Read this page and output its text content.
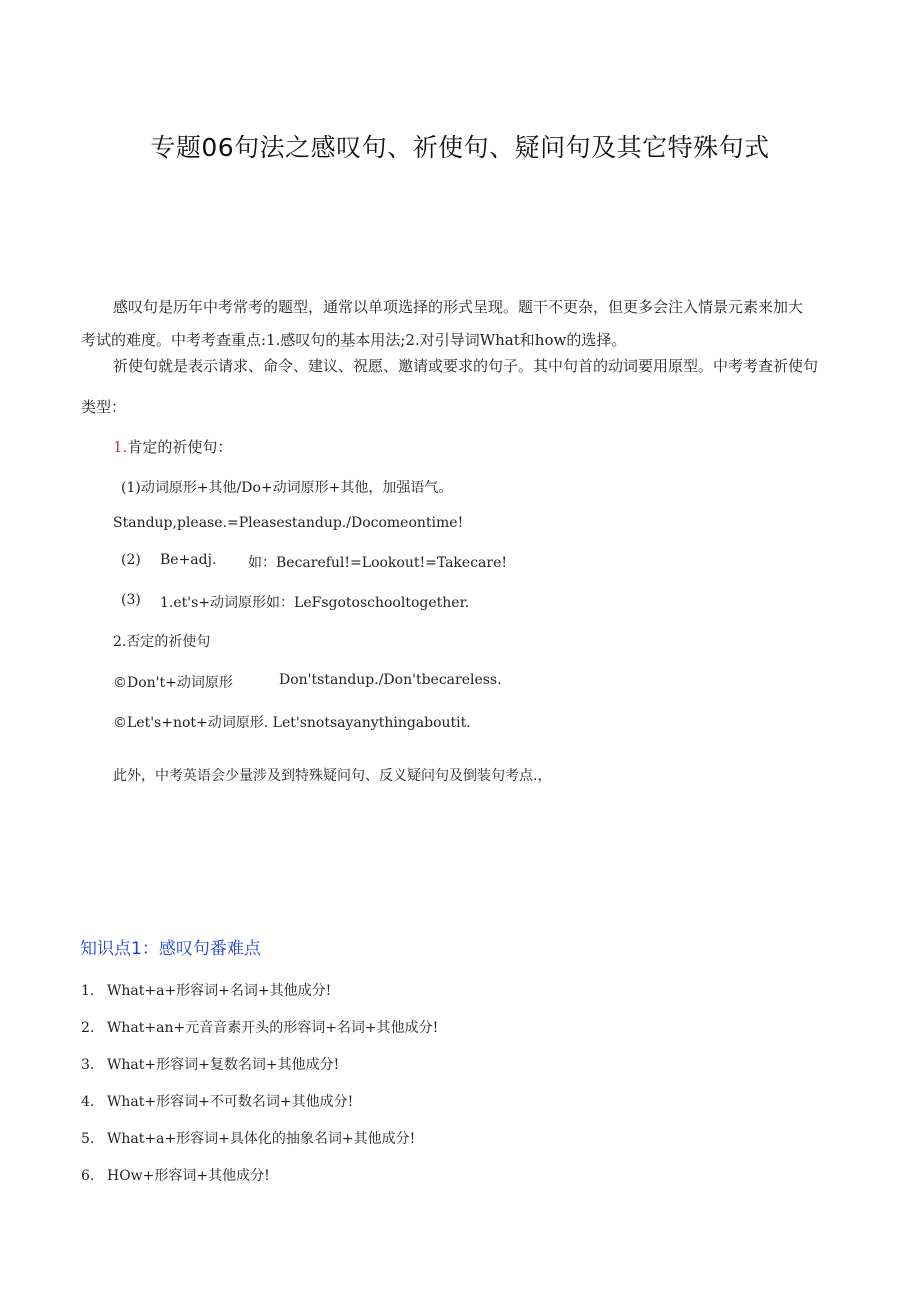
专题06句法之感叹句、祈使句、疑问句及其它特殊句式
感叹句是历年中考常考的题型，通常以单项选择的形式呈现。题干不更杂，但更多会注入情景元素来加大
考试的难度。中考考查重点:1.感叹句的基本用法;2.对引导词What和how的选择。
祈使句就是表示请求、命令、建议、祝愿、邀请或要求的句子。其中句首的动词要用原型。中考考查祈使句
类型：
1.肯定的祈使句：
(1)动词原形+其他/Do+动词原形+其他，加强语气。
Standup,please.=Pleasestandup./Docomeontime!
(2) Be+adj. 如：Becareful!=Lookout!=Takecare!
(3) 1.et's+动词原形如：LeFsgotoschooltogether.
2.否定的祈使句
©Don't+动词原形	Don'tstandup./Don'tbecareless.
©Let's+not+动词原形. Let'snotsayanythingaboutit.
此外，中考英语会少量涉及到特殊疑问句、反义疑问句及倒装句考点.，
知识点1：感叹句番难点
1. What+a+形容词+名词+其他成分!
2. What+an+元音音素开头的形容词+名词+其他成分!
3. What+形容词+复数名词+其他成分!
4. What+形容词+不可数名词+其他成分!
5. What+a+形容词+具体化的抽象名词+其他成分!
6. HOw+形容词+其他成分!
